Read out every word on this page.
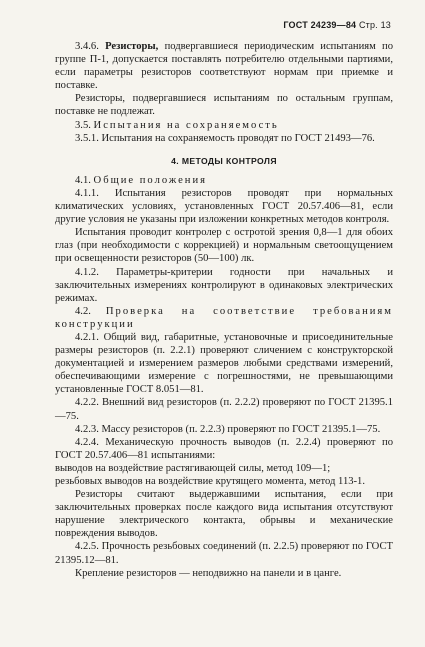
ГОСТ 24239—84 Стр. 13

3.4.6. Резисторы, подвергавшиеся периодическим испытаниям по группе П-1, допускается поставлять потребителю отдельными партиями, если параметры резисторов соответствуют нормам при приемке и поставке.

Резисторы, подвергавшиеся испытаниям по остальным группам, поставке не подлежат.

3.5. Испытания на сохраняемость

3.5.1. Испытания на сохраняемость проводят по ГОСТ 21493—76.

4. МЕТОДЫ КОНТРОЛЯ

4.1. Общие положения

4.1.1. Испытания резисторов проводят при нормальных климатических условиях, установленных ГОСТ 20.57.406—81, если другие условия не указаны при изложении конкретных методов контроля.

Испытания проводит контролер с остротой зрения 0,8—1 для обоих глаз (при необходимости с коррекцией) и нормальным светоощущением при освещенности резисторов (50—100) лк.

4.1.2. Параметры-критерии годности при начальных и заключительных измерениях контролируют в одинаковых электрических режимах.

4.2. Проверка на соответствие требованиям конструкции

4.2.1. Общий вид, габаритные, установочные и присоединительные размеры резисторов (п. 2.2.1) проверяют сличением с конструкторской документацией и измерением размеров любыми средствами измерений, обеспечивающими измерение с погрешностями, не превышающими установленные ГОСТ 8.051—81.

4.2.2. Внешний вид резисторов (п. 2.2.2) проверяют по ГОСТ 21395.1—75.

4.2.3. Массу резисторов (п. 2.2.3) проверяют по ГОСТ 21395.1—75.

4.2.4. Механическую прочность выводов (п. 2.2.4) проверяют по ГОСТ 20.57.406—81 испытаниями:

выводов на воздействие растягивающей силы, метод 109—1;

резьбовых выводов на воздействие крутящего момента, метод 113-1.

Резисторы считают выдержавшими испытания, если при заключительных проверках после каждого вида испытания отсутствуют нарушение электрического контакта, обрывы и механические повреждения выводов.

4.2.5. Прочность резьбовых соединений (п. 2.2.5) проверяют по ГОСТ 21395.12—81.

Крепление резисторов — неподвижно на панели и в цанге.
